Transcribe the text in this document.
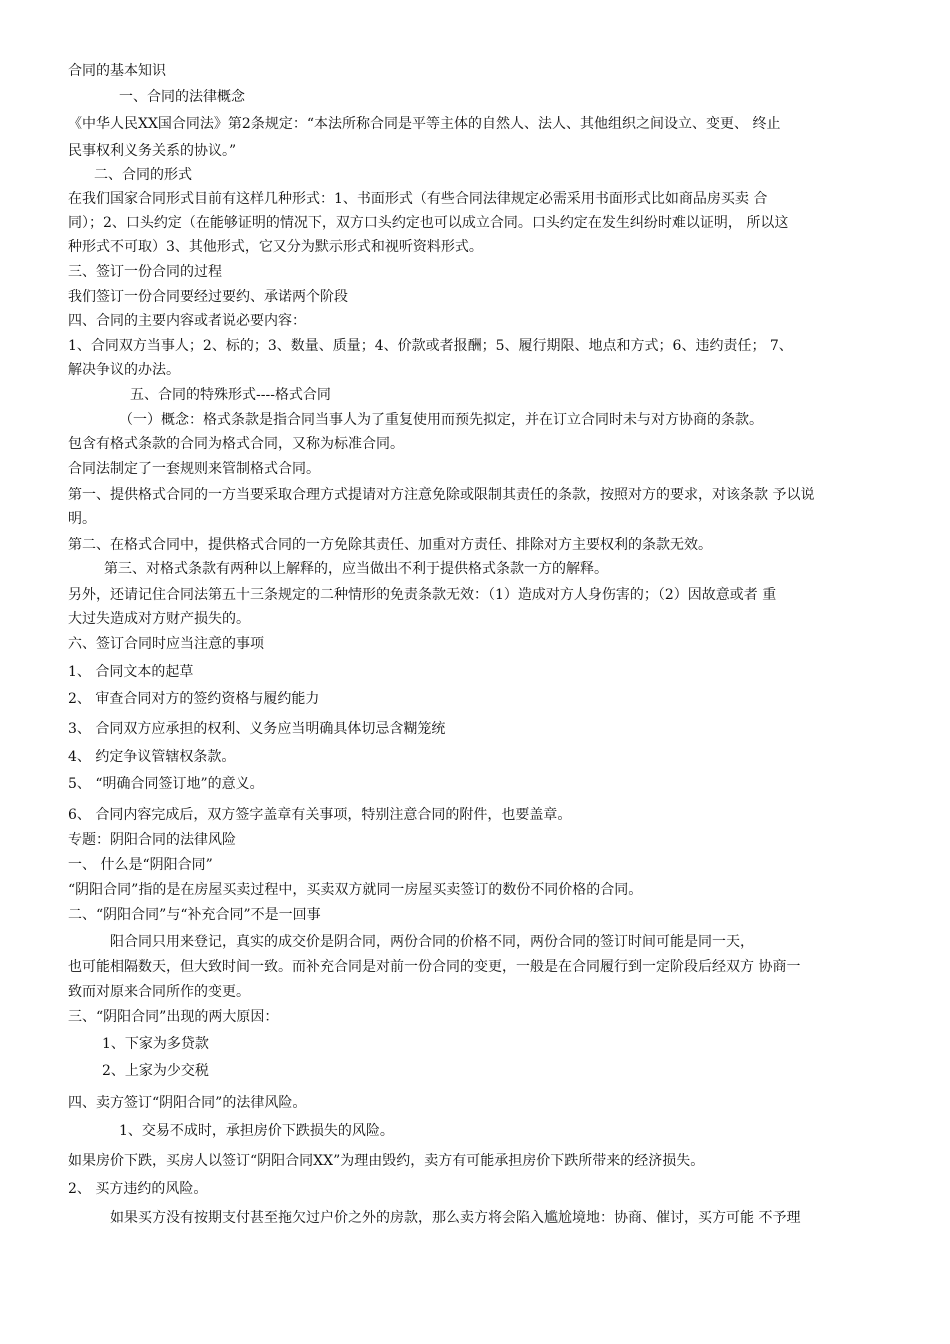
合同的基本知识
一、合同的法律概念
《中华人民XX国合同法》第2条规定：“本法所称合同是平等主体的自然人、法人、其他组织之间设立、变更、 终止
民事权利义务关系的协议。”
二、合同的形式
在我们国家合同形式目前有这样几种形式：1、书面形式（有些合同法律规定必需采用书面形式比如商品房买卖 合
同）；2、口头约定（在能够证明的情况下，双方口头约定也可以成立合同。口头约定在发生纠纷时难以证明， 所以这
种形式不可取）3、其他形式，它又分为默示形式和视听资料形式。
三、签订一份合同的过程
我们签订一份合同要经过要约、承诺两个阶段
四、合同的主要内容或者说必要内容：
1、合同双方当事人；2、标的；3、数量、质量；4、价款或者报酬；5、履行期限、地点和方式；6、违约责任； 7、
解决争议的办法。
五、合同的特殊形式----格式合同
（一）概念：格式条款是指合同当事人为了重复使用而预先拟定，并在订立合同时未与对方协商的条款。
包含有格式条款的合同为格式合同，又称为标准合同。
合同法制定了一套规则来管制格式合同。
第一、提供格式合同的一方当要采取合理方式提请对方注意免除或限制其责任的条款，按照对方的要求，对该条款 予以说
明。
第二、在格式合同中，提供格式合同的一方免除其责任、加重对方责任、排除对方主要权利的条款无效。
第三、对格式条款有两种以上解释的，应当做出不利于提供格式条款一方的解释。
另外，还请记住合同法第五十三条规定的二种情形的免责条款无效：（1）造成对方人身伤害的；（2）因故意或者 重
大过失造成对方财产损失的。
六、签订合同时应当注意的事项
1、 合同文本的起草
2、 审查合同对方的签约资格与履约能力
3、 合同双方应承担的权利、义务应当明确具体切忌含糊笼统
4、 约定争议管辖权条款。
5、 “明确合同签订地”的意义。
6、 合同内容完成后，双方签字盖章有关事项，特别注意合同的附件，也要盖章。
专题：阴阳合同的法律风险
一、 什么是“阴阳合同”
“阴阳合同”指的是在房屋买卖过程中，买卖双方就同一房屋买卖签订的数份不同价格的合同。
二、“阴阳合同”与“补充合同”不是一回事
阳合同只用来登记，真实的成交价是阴合同，两份合同的价格不同，两份合同的签订时间可能是同一天，
也可能相隔数天，但大致时间一致。而补充合同是对前一份合同的变更，一般是在合同履行到一定阶段后经双方 协商一
致而对原来合同所作的变更。
三、“阴阳合同”出现的两大原因：
1、下家为多贷款
2、上家为少交税
四、卖方签订“阴阳合同”的法律风险。
1、交易不成时，承担房价下跌损失的风险。
如果房价下跌，买房人以签订“阴阳合同XX”为理由毁约，卖方有可能承担房价下跌所带来的经济损失。
2、 买方违约的风险。
如果买方没有按期支付甚至拖欠过户价之外的房款，那么卖方将会陷入尴尬境地：协商、催讨，买方可能 不予理
